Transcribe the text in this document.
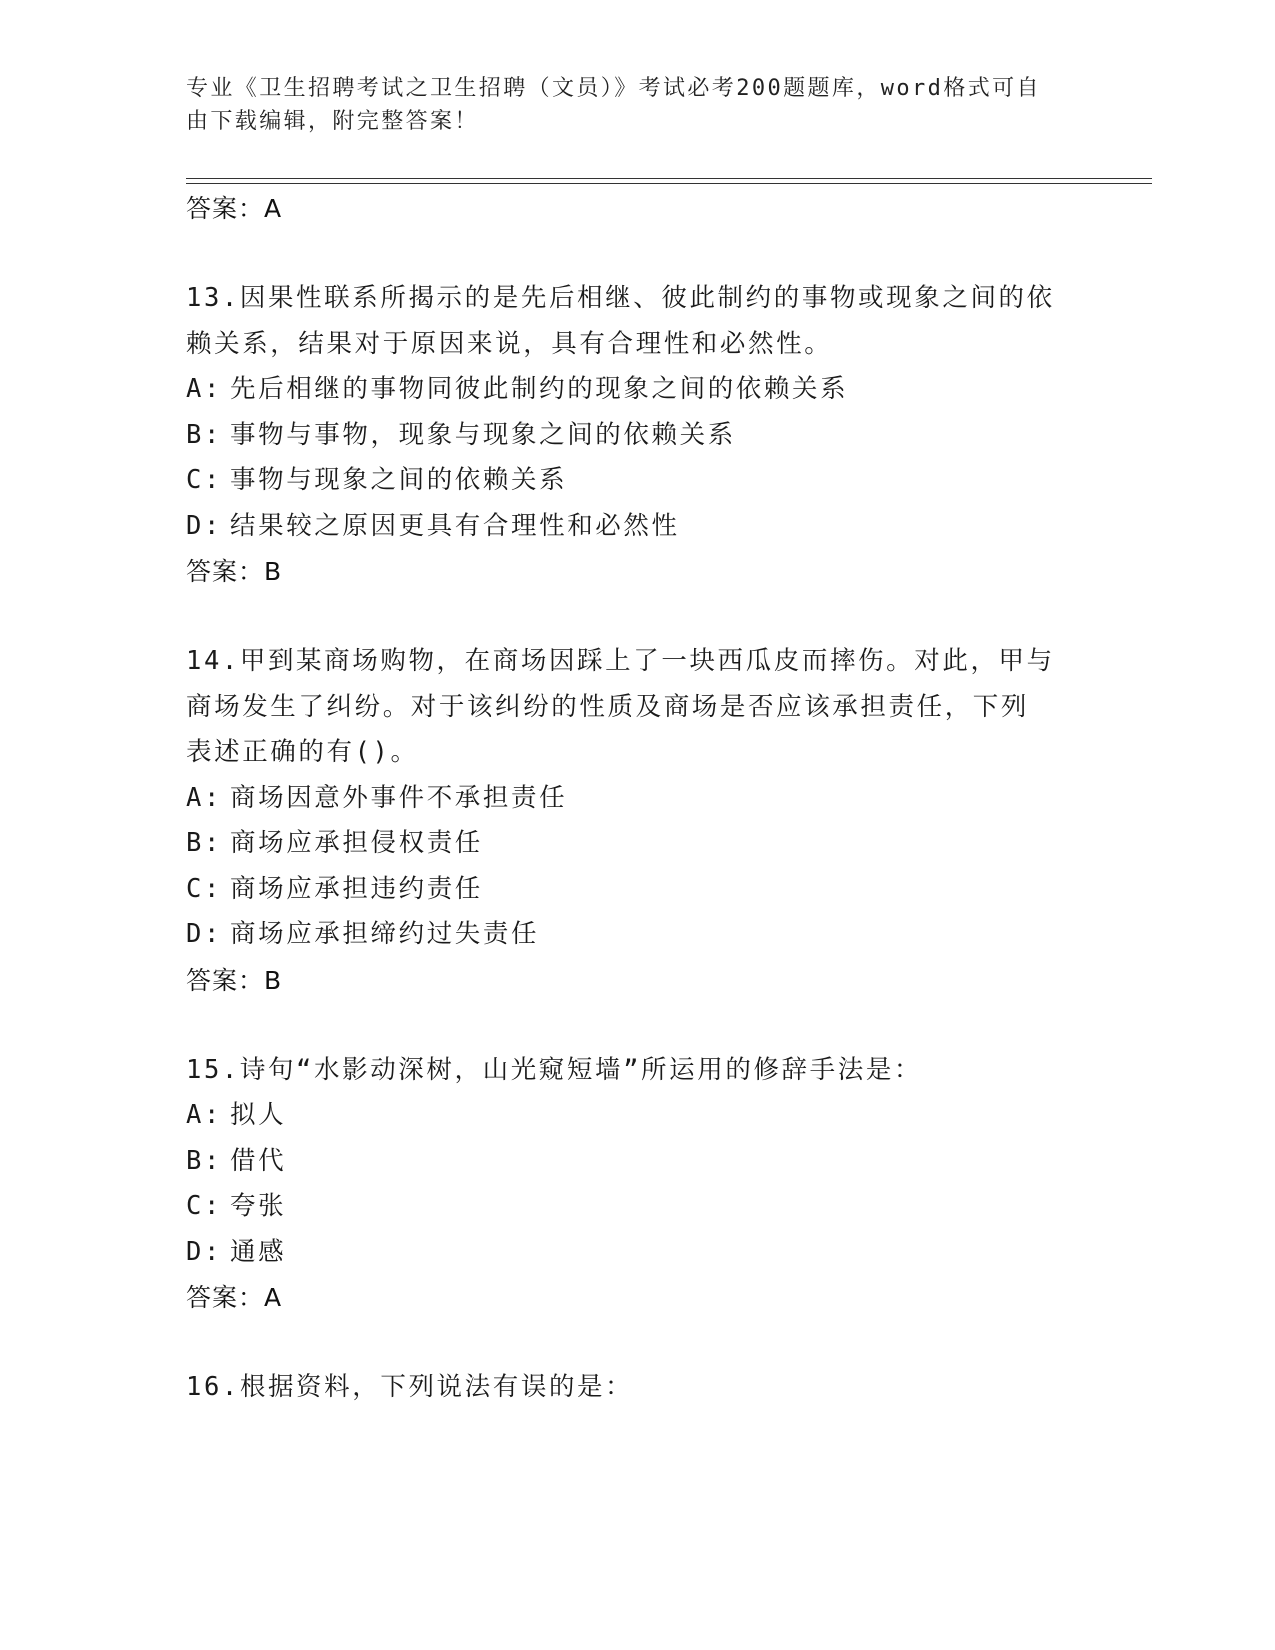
专业《卫生招聘考试之卫生招聘（文员）》考试必考200题题库，word格式可自
由下载编辑，附完整答案！

答案：A

13.因果性联系所揭示的是先后相继、彼此制约的事物或现象之间的依

赖关系，结果对于原因来说，具有合理性和必然性。

A: 先后相继的事物同彼此制约的现象之间的依赖关系

B: 事物与事物，现象与现象之间的依赖关系

C: 事物与现象之间的依赖关系

D: 结果较之原因更具有合理性和必然性

答案：B

14.甲到某商场购物，在商场因踩上了一块西瓜皮而摔伤。对此，甲与

商场发生了纠纷。对于该纠纷的性质及商场是否应该承担责任，下列

表述正确的有()。

A: 商场因意外事件不承担责任

B: 商场应承担侵权责任

C: 商场应承担违约责任

D: 商场应承担缔约过失责任

答案：B

15.诗句“水影动深树，山光窥短墙”所运用的修辞手法是：

A: 拟人

B: 借代

C: 夸张

D: 通感

答案：A

16.根据资料，下列说法有误的是：
